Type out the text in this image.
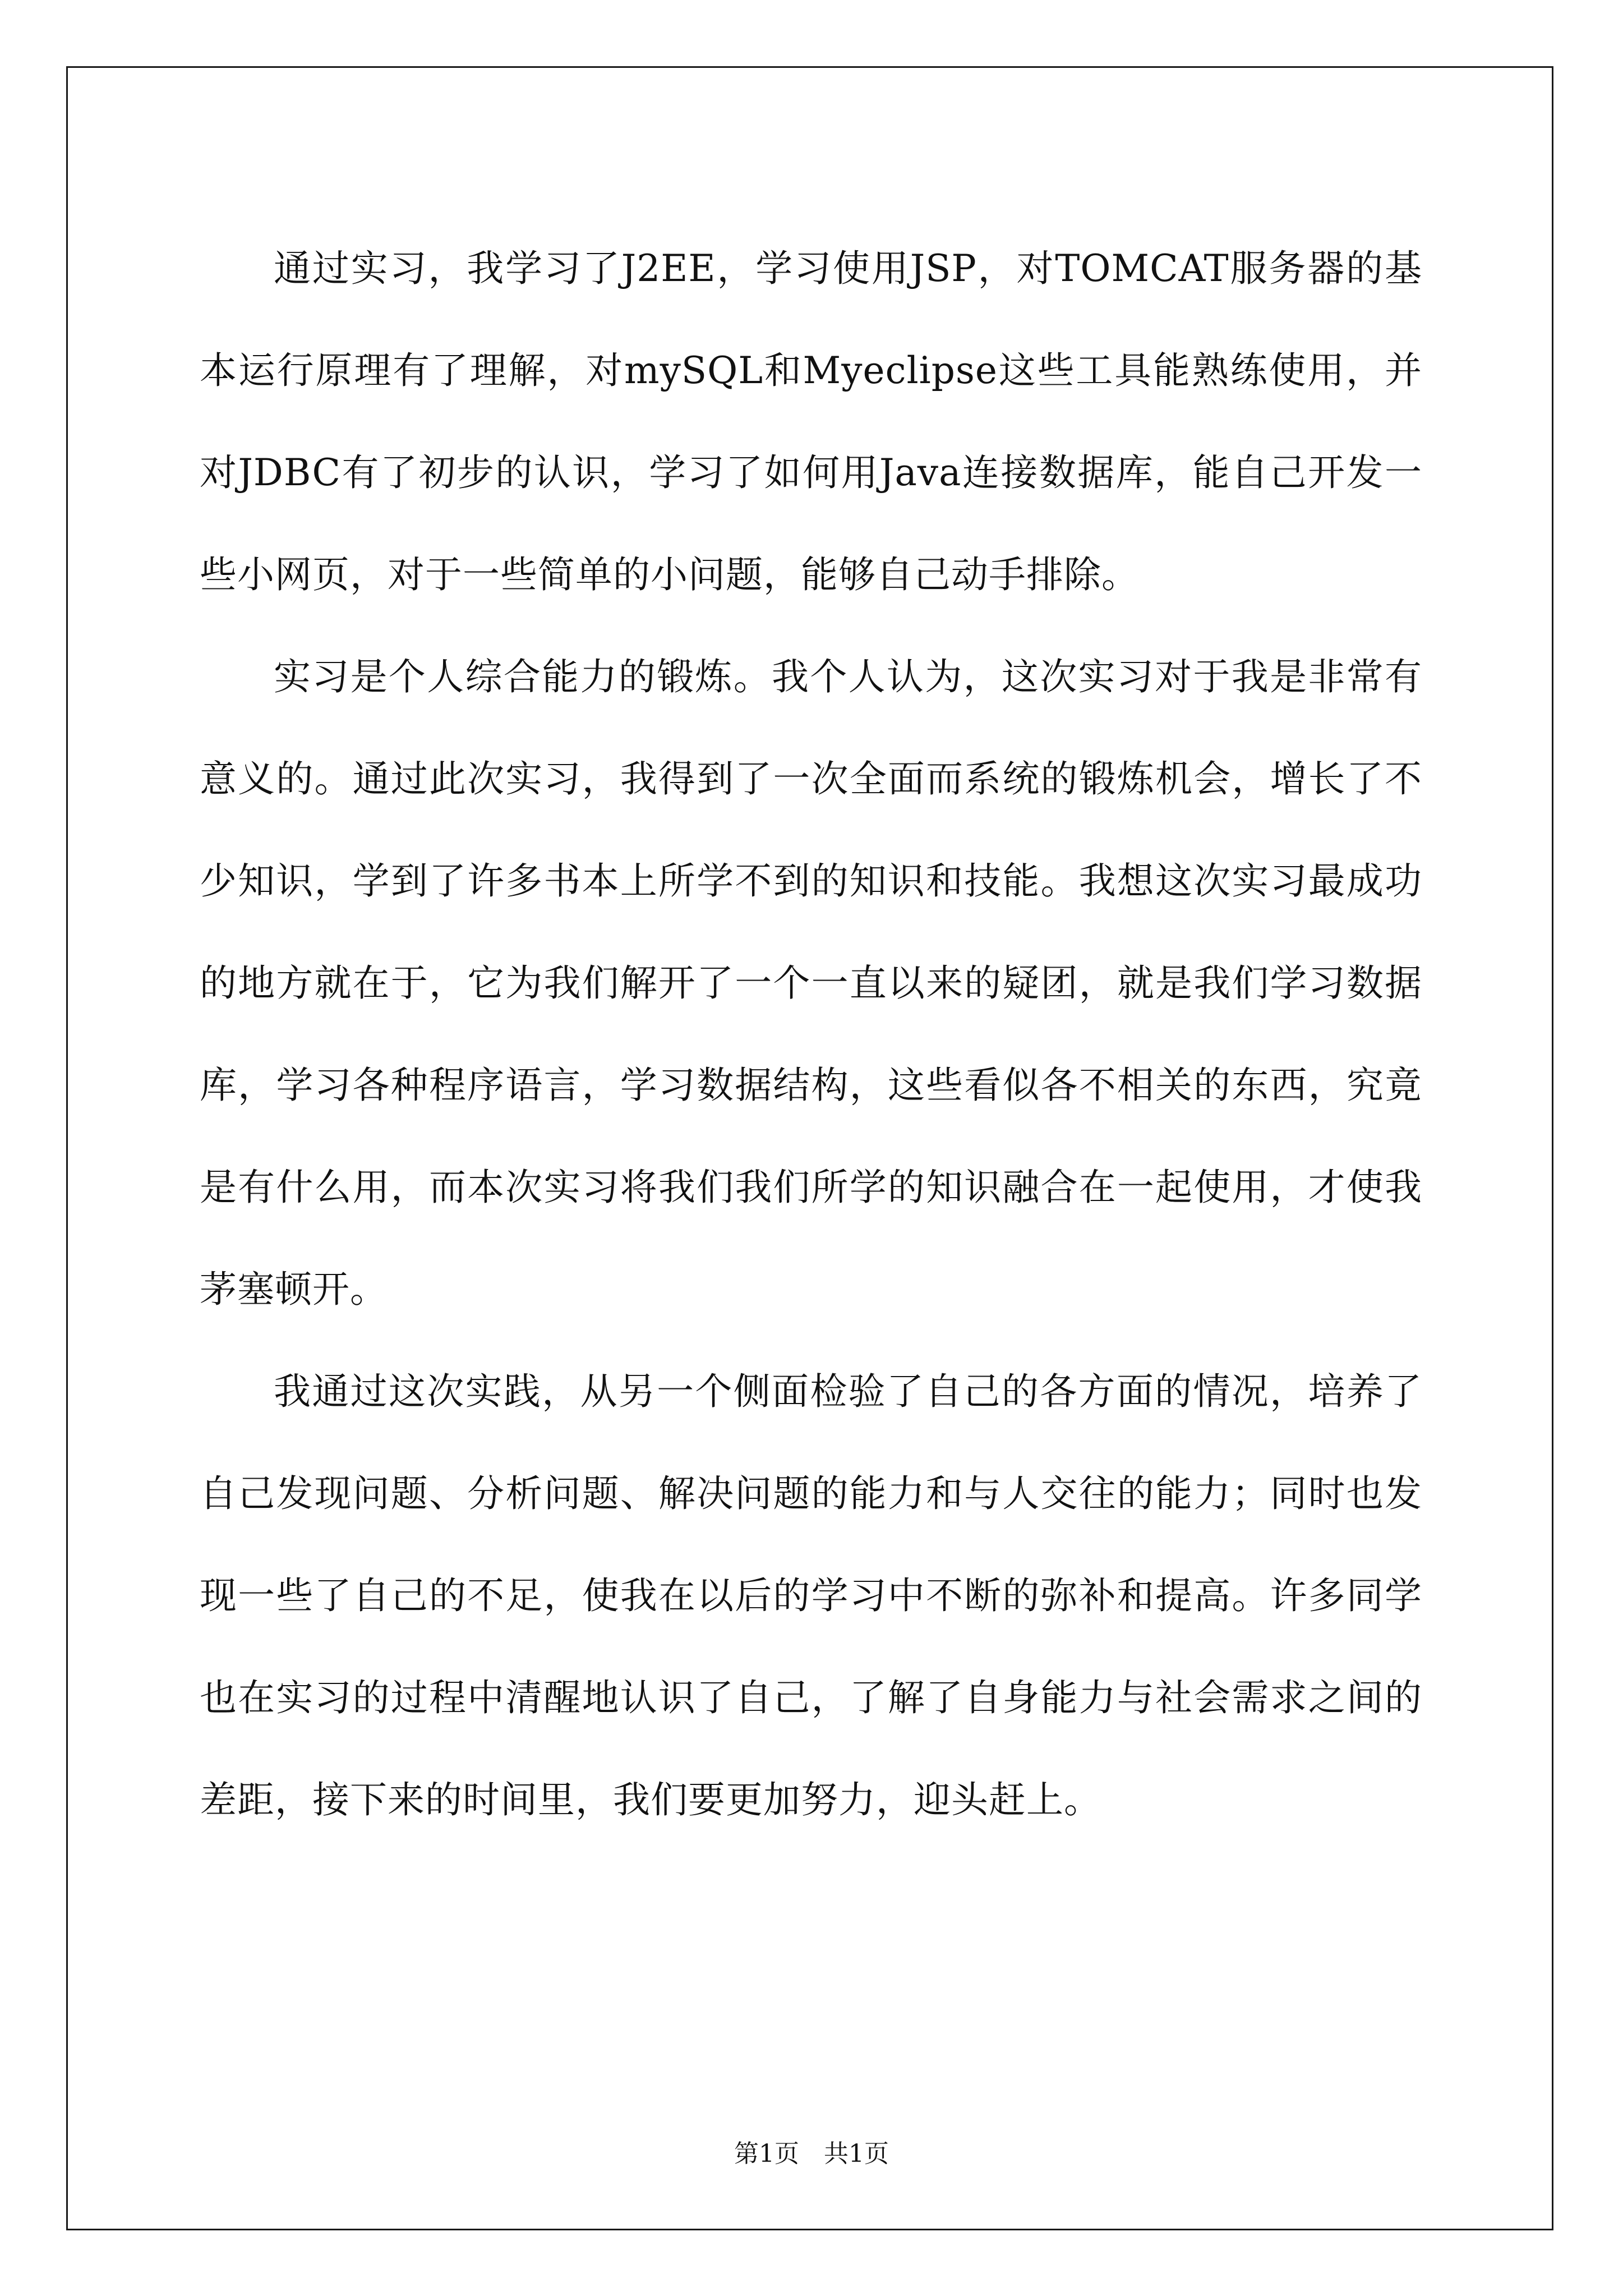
通过实习，我学习了J2EE，学习使用JSP，对TOMCAT服务器的基本运行原理有了理解，对mySQL和Myeclipse这些工具能熟练使用，并对JDBC有了初步的认识，学习了如何用Java连接数据库，能自己开发一些小网页，对于一些简单的小问题，能够自己动手排除。

实习是个人综合能力的锻炼。我个人认为，这次实习对于我是非常有意义的。通过此次实习，我得到了一次全面而系统的锻炼机会，增长了不少知识，学到了许多书本上所学不到的知识和技能。我想这次实习最成功的地方就在于，它为我们解开了一个一直以来的疑团，就是我们学习数据库，学习各种程序语言，学习数据结构，这些看似各不相关的东西，究竟是有什么用，而本次实习将我们我们所学的知识融合在一起使用，才使我茅塞顿开。

我通过这次实践，从另一个侧面检验了自己的各方面的情况，培养了自己发现问题、分析问题、解决问题的能力和与人交往的能力；同时也发现一些了自己的不足，使我在以后的学习中不断的弥补和提高。许多同学也在实习的过程中清醒地认识了自己，了解了自身能力与社会需求之间的差距，接下来的时间里，我们要更加努力，迎头赶上。

第1页 共1页
